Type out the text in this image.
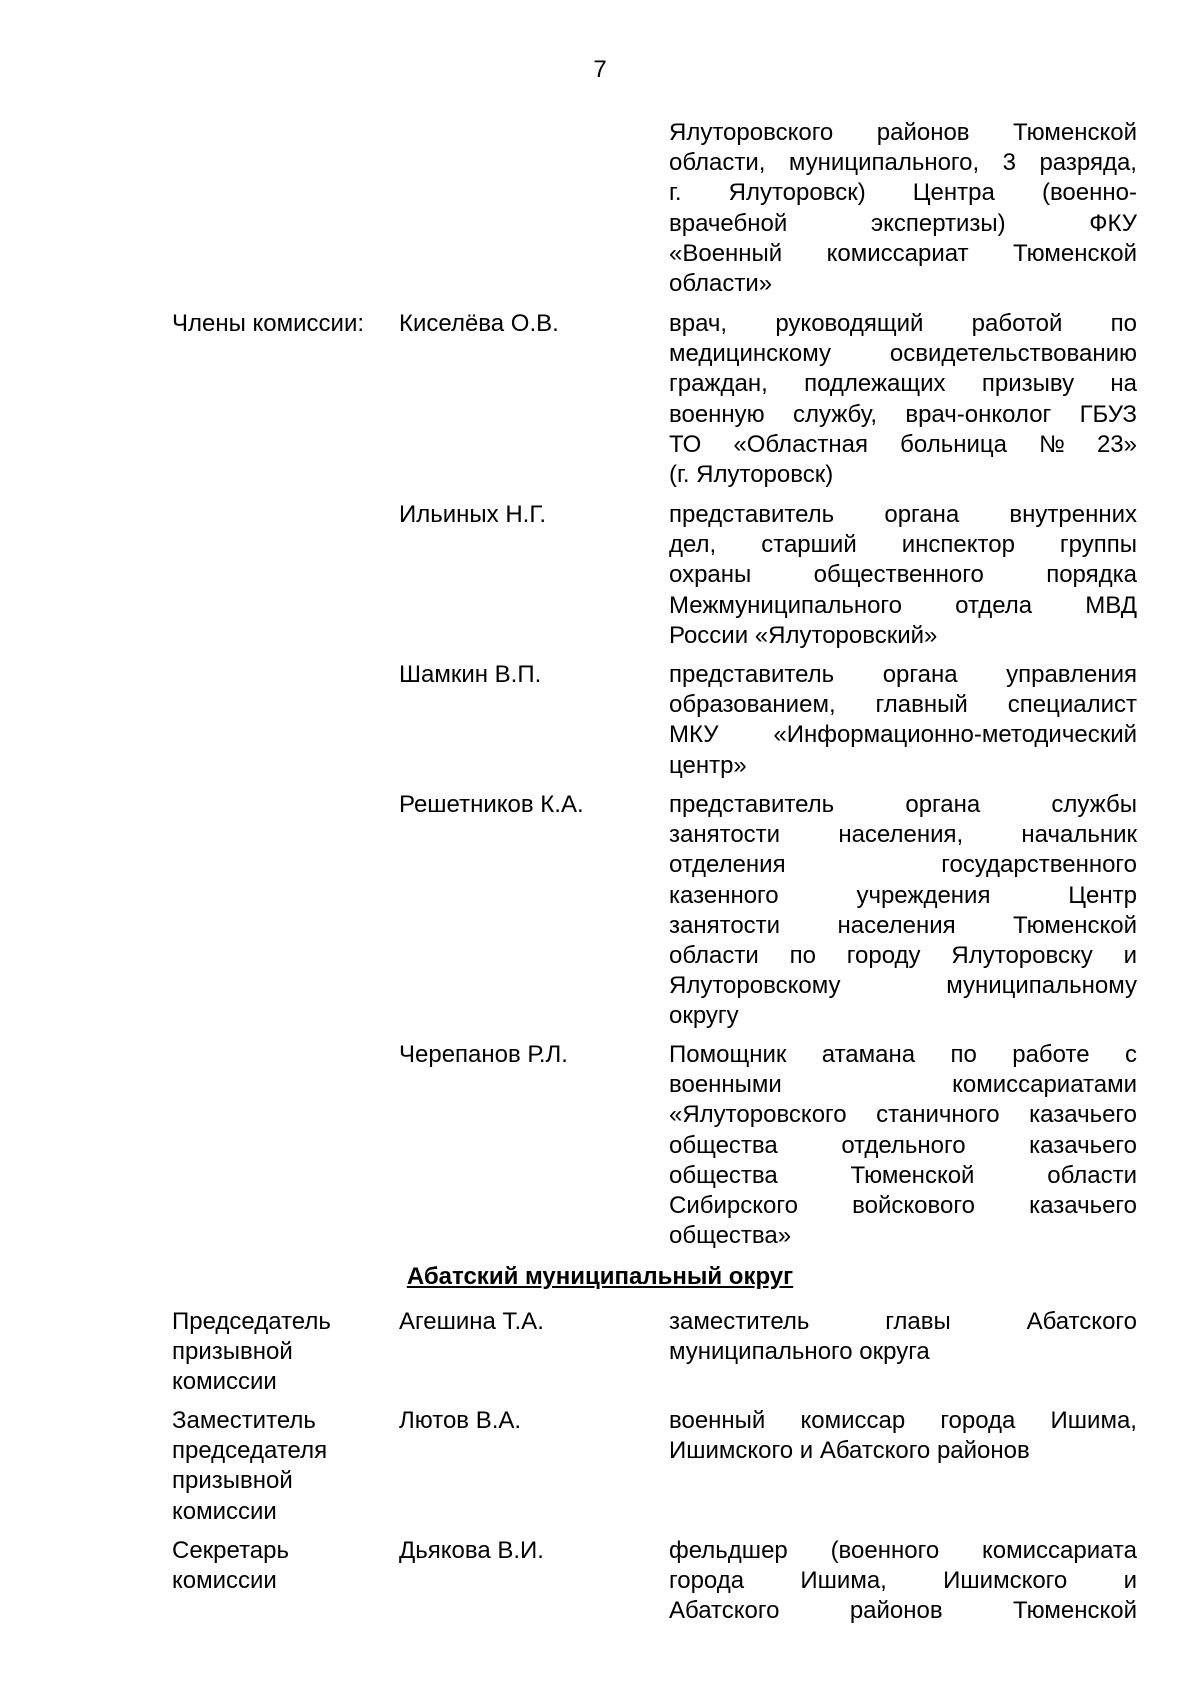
7
Ялуторовского районов Тюменской
области, муниципального, 3 разряда,
г. Ялуторовск) Центра (военно-
врачебной	экспертизы)	ФКУ
«Военный комиссариат Тюменской
области»
Члены комиссии:	Киселёва О.В.	врач, руководящий работой по
медицинскому освидетельствованию
граждан, подлежащих призыву на
военную службу, врач-онколог ГБУЗ
ТО «Областная больница № 23»
(г. Ялуторовск)
Ильиных Н.Г.	представитель органа внутренних
дел, старший инспектор группы
охраны	общественного	порядка
Межмуниципального отдела МВД
России «Ялуторовский»
Шамкин В.П.	представитель органа управления
образованием, главный специалист
МКУ «Информационно-методический
центр»
Решетников К.А.	представитель	органа	службы
занятости населения, начальник
отделения	государственного
казенного	учреждения	Центр
занятости населения Тюменской
области по городу Ялуторовску и
Ялуторовскому	муниципальному
округу
Черепанов Р.Л.	Помощник атамана по работе с
военными	комиссариатами
«Ялуторовского станичного казачьего
общества	отдельного	казачьего
общества	Тюменской	области
Сибирского войскового казачьего
общества»
Абатский муниципальный округ
Председатель
призывной
комиссии
Агешина Т.А.	заместитель	главы	Абатского
муниципального округа
Заместитель
председателя
призывной
комиссии
Лютов В.А.	военный комиссар города Ишима,
Ишимского и Абатского районов
Секретарь
комиссии
Дьякова В.И.	фельдшер (военного комиссариата
города Ишима, Ишимского и
Абатского	районов	Тюменской
